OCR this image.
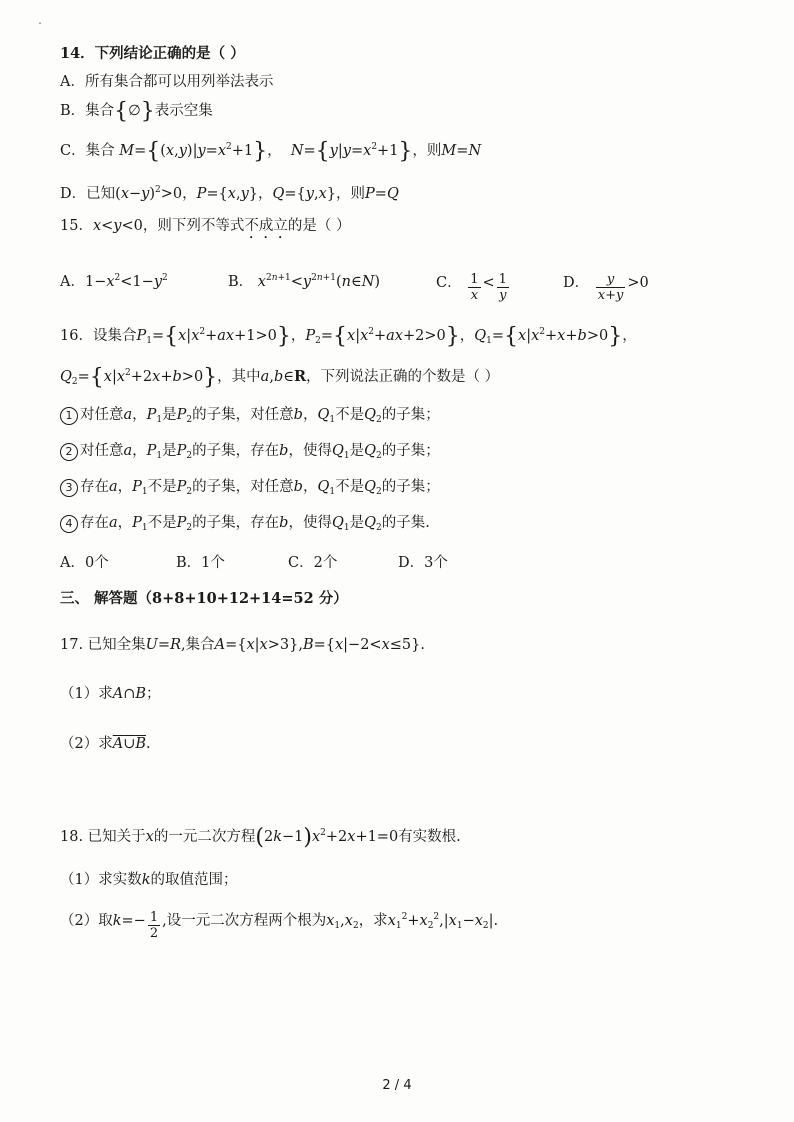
ˆ
14．下列结论正确的是（ ）
A．所有集合都可以用列举法表示
B．集合{∅}表示空集
C．集合 $M=\{(x,y)|y=x^2+1\}$，  $N=\{y|y=x^2+1\}$，则M=N
D．已知$(x-y)^2>0$，P={x,y}，Q={y,x}，则P=Q
15．x<y<0，则下列不等式不成立的是（ ）
A．$1-x^2<1-y^2$	B． $x^{2n+1}<y^{2n+1}(n\in N)$	C． $\frac{1}{x} < \frac{1}{y}$	D． $\frac{y}{x+y} >0$
16．设集合$P_1=\{x|x^2+ax+1>0\}$，$P_2=\{x|x^2+ax+2>0\}$，$Q_1=\{x|x^2+x+b>0\}$，
$Q_2=\{x|x^2+2x+b>0\}$，其中a,b∈R，下列说法正确的个数是（ ）
1 对任意a，$P_1$是$P_2$的子集，对任意b，$Q_1$不是$Q_2$的子集；
2 对任意a，$P_1$是$P_2$的子集，存在b，使得$Q_1$是$Q_2$的子集；
3 存在a，$P_1$不是$P_2$的子集，对任意b，$Q_1$不是$Q_2$的子集；
4 存在a，$P_1$不是$P_2$的子集，存在b，使得$Q_1$是$Q_2$的子集.
A．0个	B．1个	C．2个	D．3个
三、 解答题（8+8+10+12+14=52 分）
17. 已知全集U=R,集合A={x|x>3},B={x|−2<x≤5}.
（1）求A∩B；
（2）求A∪B.
18. 已知关于x的一元二次方程$(2k-1)x^2+2x+1=0$有实数根.
（1）求实数k的取值范围；
（2）取$k=- \frac{1}{2}$ ,设一元二次方程两个根为$x_1,x_2$，求$x_1^2+x_2^2,|x_1-x_2|$.
2 / 4
